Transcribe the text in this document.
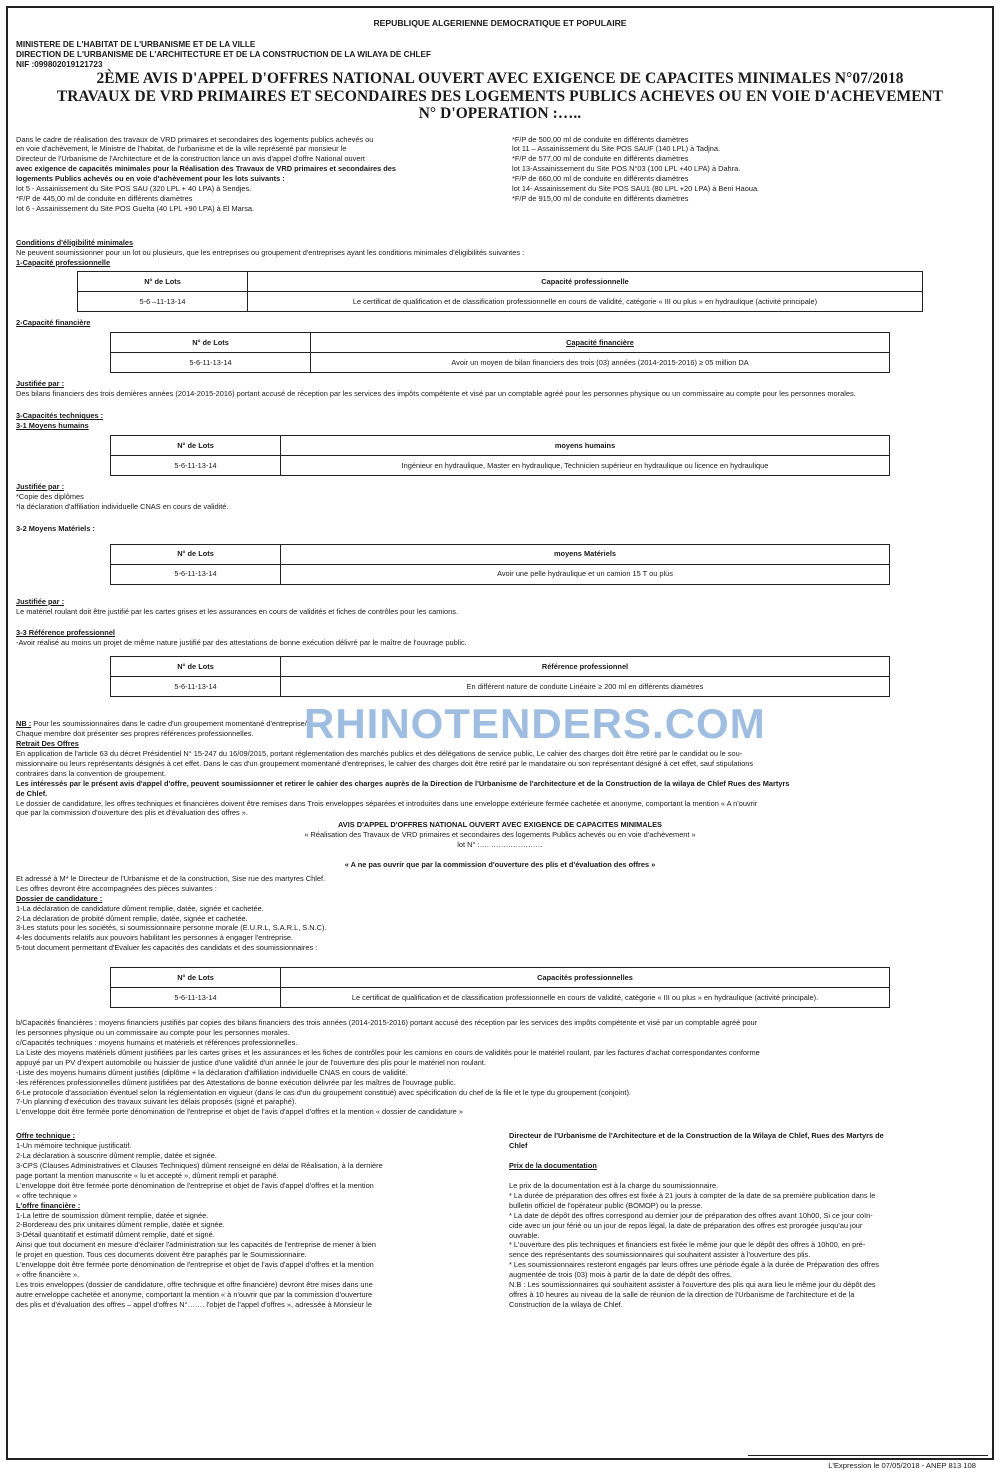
REPUBLIQUE ALGERIENNE DEMOCRATIQUE ET POPULAIRE
MINISTERE DE L'HABITAT DE L'URBANISME ET DE LA VILLE
DIRECTION DE L'URBANISME DE L'ARCHITECTURE ET DE LA CONSTRUCTION DE LA WILAYA DE CHLEF
NIF :099802019121723
2ÈME AVIS D'APPEL D'OFFRES NATIONAL OUVERT AVEC EXIGENCE DE CAPACITES MINIMALES N°07/2018
TRAVAUX DE VRD PRIMAIRES ET SECONDAIRES DES LOGEMENTS PUBLICS ACHEVES OU EN VOIE D'ACHEVEMENT
N° D'OPERATION :…..

Dans le cadre de réalisation des travaux de VRD primaires et secondaires des logements publics achevés ou

en voie d'achèvement, le Ministre de l'habitat, de l'urbanisme et de la ville représenté par monsieur le

Directeur de l'Urbanisme de l'Architecture et de la construction lance un avis d'appel d'offre National ouvert

avec exigence de capacités minimales pour la Réalisation des Travaux de VRD primaires et secondaires des

logements Publics achevés ou en voie d'achèvement pour les lots suivants :

lot 5 - Assainissement du Site POS SAU (320 LPL + 40 LPA) à Sendjes.

*F/P de 445,00 ml de conduite en différents diamètres

lot 6 - Assainissement du Site POS Guelta (40 LPL +90 LPA) à El Marsa.

*F/P de 500,00 ml de conduite en différents diamètres

lot 11 – Assainissement du Site POS SAUF (140 LPL) à Tadjna.

*F/P de 577,00 ml de conduite en différents diamètres

lot 13-Assainissement du Site POS N°03 (100 LPL +40 LPA) à Dahra.

*F/P de 660,00 ml de conduite en différents diamètres

lot 14- Assainissement du Site POS SAU1 (80 LPL +20 LPA) à Beni Haoua.

*F/P de 915,00 ml de conduite en différents diamètres

Conditions d'éligibilité minimales

Ne peuvent soumissionner pour un lot ou plusieurs, que les entreprises ou groupement d'entreprises ayant les conditions minimales d'éligibilités suivantes :

1-Capacité professionnelle

N° de Lots	Capacité professionnelle
5-6 –11-13-14	Le certificat de qualification et de classification professionnelle en cours de validité, catégorie « III ou plus » en hydraulique (activité principale)

2-Capacité financière

N° de Lots	Capacité financière
5-6-11-13-14	Avoir un moyen de bilan financiers des trois (03) années (2014-2015-2016) ≥ 05 million DA

Justifiée par :

Des bilans financiers des trois dernières années (2014-2015-2016) portant accusé de réception par les services des impôts compétente et visé par un comptable agréé pour les personnes physique ou un commissaire au compte pour les personnes morales.

3-Capacités techniques :

3-1 Moyens humains

N° de Lots	moyens humains
5-6-11-13-14	Ingénieur en hydraulique, Master en hydraulique, Technicien supérieur en hydraulique ou licence en hydraulique

Justifiée par :

*Copie des diplômes

*la déclaration d'affiliation individuelle CNAS en cours de validité.

3-2 Moyens Matériels :

N° de Lots	moyens Matériels
5-6-11-13-14	Avoir une pelle hydraulique et un camion 15 T ou plus

Justifiée par :

Le matériel roulant doit être justifié par les cartes grises et les assurances en cours de validités et fiches de contrôles pour les camions.

3-3 Référence professionnel

-Avoir réalisé au moins un projet de même nature justifié par des attestations de bonne exécution délivré par le maître de l'ouvrage public.

N° de Lots	Référence professionnel
5-6-11-13-14	En différent nature de conduite Linéaire ≥ 200 ml en différents diamètres

NB : Pour les soumissionnaires dans le cadre d'un groupement momentané d'entreprise/

Chaque membre doit présenter ses propres références professionnelles.

Retrait Des Offres

En application de l'article 63 du décret Présidentiel N° 15-247 du 16/09/2015, portant réglementation des marchés publics et des délégations de service public, Le cahier des charges doit être retiré par le candidat ou le sou-

missionnaire ou leurs représentants désignés à cet effet. Dans le cas d'un groupement momentané d'entreprises, le cahier des charges doit être retiré par le mandataire ou son représentant désigné à cet effet, sauf stipulations

contraires dans la convention de groupement.

Les intéressés par le présent avis d'appel d'offre, peuvent soumissionner et retirer le cahier des charges auprès de la Direction de l'Urbanisme de l'architecture et de la Construction de la wilaya de Chlef Rues des Martyrs

de Chlef.

Le dossier de candidature, les offres techniques et financières doivent être remises dans Trois enveloppes séparées et introduites dans une enveloppe extérieure fermée cachetée et anonyme, comportant la mention « A n'ouvrir

que par la commission d'ouverture des plis et d'évaluation des offres ».

AVIS D'APPEL D'OFFRES NATIONAL OUVERT AVEC EXIGENCE DE CAPACITES MINIMALES

« Réalisation des Travaux de VRD primaires et secondaires des logements Publics achevés ou en voie d'achèvement »

lot N° :…. …………………

« A ne pas ouvrir que par la commission d'ouverture des plis et d'évaluation des offres »

Et adressé à M* le Directeur de l'Urbanisme et de la construction, Sise rue des martyres Chlef.

Les offres devront être accompagnées des pièces suivantes :

Dossier de candidature :

1-La déclaration de candidature dûment remplie, datée, signée et cachetée.

2-La déclaration de probité dûment remplie, datée, signée et cachetée.

3-Les statuts pour les sociétés, si soumissionnaire personne morale (E.U.R.L, S.A.R.L, S.N.C).

4-les documents relatifs aux pouvoirs habilitant les personnes à engager l'entreprise.

5-tout document permettant d'Evaluer les capacités des candidats et des soumissionnaires :

N° de Lots	Capacités professionnelles
5-6-11-13-14	Le certificat de qualification et de classification professionnelle en cours de validité, catégorie « III ou plus » en hydraulique (activité principale).

b/Capacités financières : moyens financiers justifiés par copies des bilans financiers des trois années (2014-2015-2016) portant accusé des réception par les services des impôts compétente et visé par un comptable agréé pour

les personnes physique ou un commissaire au compte pour les personnes morales.

c/Capacités techniques : moyens humains et matériels et références professionnelles.

La Liste des moyens matériels dûment justifiées par les cartes grises et les assurances et les fiches de contrôles pour les camions en cours de validités pour le matériel roulant, par les factures d'achat correspondantes conforme

appuyé par un PV d'expert automobile ou huissier de justice d'une validité d'un année le jour de l'ouverture des plis pour le matériel non roulant.

-Liste des moyens humains dûment justifiés (diplôme + la déclaration d'affiliation individuelle CNAS en cours de validité.

-les références professionnelles dûment justifiées par des Attestations de bonne exécution délivrée par les maîtres de l'ouvrage public.

6-Le protocole d'association éventuel selon la réglementation en vigueur (dans le cas d'un du groupement constitué) avec spécification du chef de la file et le type du groupement (conjoint).

7-Un planning d'exécution des travaux suivant les délais proposés (signé et paraphé).

L'enveloppe doit être fermée porte dénomination de l'entreprise et objet de l'avis d'appel d'offres et la mention « dossier de candidature »

Offre technique :

1-Un mémoire technique justificatif.

2-La déclaration à souscrire dûment remplie, datée et signée.

3-CPS (Clauses Administratives et Clauses Techniques) dûment renseigné en délai de Réalisation, à la dernière

page portant la mention manuscrite « lu et accepté », dûment rempli et paraphé.

L'enveloppe doit être fermée porte dénomination de l'entreprise et objet de l'avis d'appel d'offres et la mention

« offre technique »

L'offre financière :

1-La lettre de soumission dûment remplie, datée et signée.

2-Bordereau des prix unitaires dûment remplie, datée et signée.

3-Détail quantitatif et estimatif dûment remplie, daté et signé.

Ainsi que tout document en mesure d'éclairer l'administration sur les capacités de l'entreprise de mener à bien

le projet en question. Tous ces documents doivent être paraphés par le Soumissionnaire.

L'enveloppe doit être fermée porte dénomination de l'entreprise et objet de l'avis d'appel d'offres et la mention

« offre financière ».

Les trois enveloppes (dossier de candidature, offre technique et offre financière) devront être mises dans une

autre enveloppe cachetée et anonyme, comportant la mention « à n'ouvrir que par la commission d'ouverture

des plis et d'évaluation des offres – appel d'offres N°……. l'objet de l'appel d'offres », adressée à Monsieur le

Directeur de l'Urbanisme de l'Architecture et de la Construction de la Wilaya de Chlef, Rues des Martyrs de

Chlef

Prix de la documentation

Le prix de la documentation est à la charge du soumissionnaire.

* La durée de préparation des offres est fixée à 21 jours à compter de la date de sa première publication dans le

bulletin officiel de l'opérateur public (BOMOP) ou la presse.

* La date de dépôt des offres correspond au dernier jour de préparation des offres avant 10h00, Si ce jour coïn-

cide avec un jour férié ou un jour de repos légal, la date de préparation des offres est prorogée jusqu'au jour

ouvrable.

* L'ouverture des plis techniques et financiers est fixée le même jour que le dépôt des offres à 10h00, en pré-

sence des représentants des soumissionnaires qui souhaitent assister à l'ouverture des plis.

* Les soumissionnaires resteront engagés par leurs offres une période égale à la durée de Préparation des offres

augmentée de trois (03) mois à partir de la date de dépôt des offres.

N.B : Les soumissionnaires qui souhaitent assister à l'ouverture des plis qui aura lieu le même jour du dépôt des

offres à 10 heures au niveau de la salle de réunion de la direction de l'Urbanisme de l'architecture et de la

Construction de la wilaya de Chlef.

RHINOTENDERS.COM
L'Expression le 07/05/2018 - ANEP 813 108
